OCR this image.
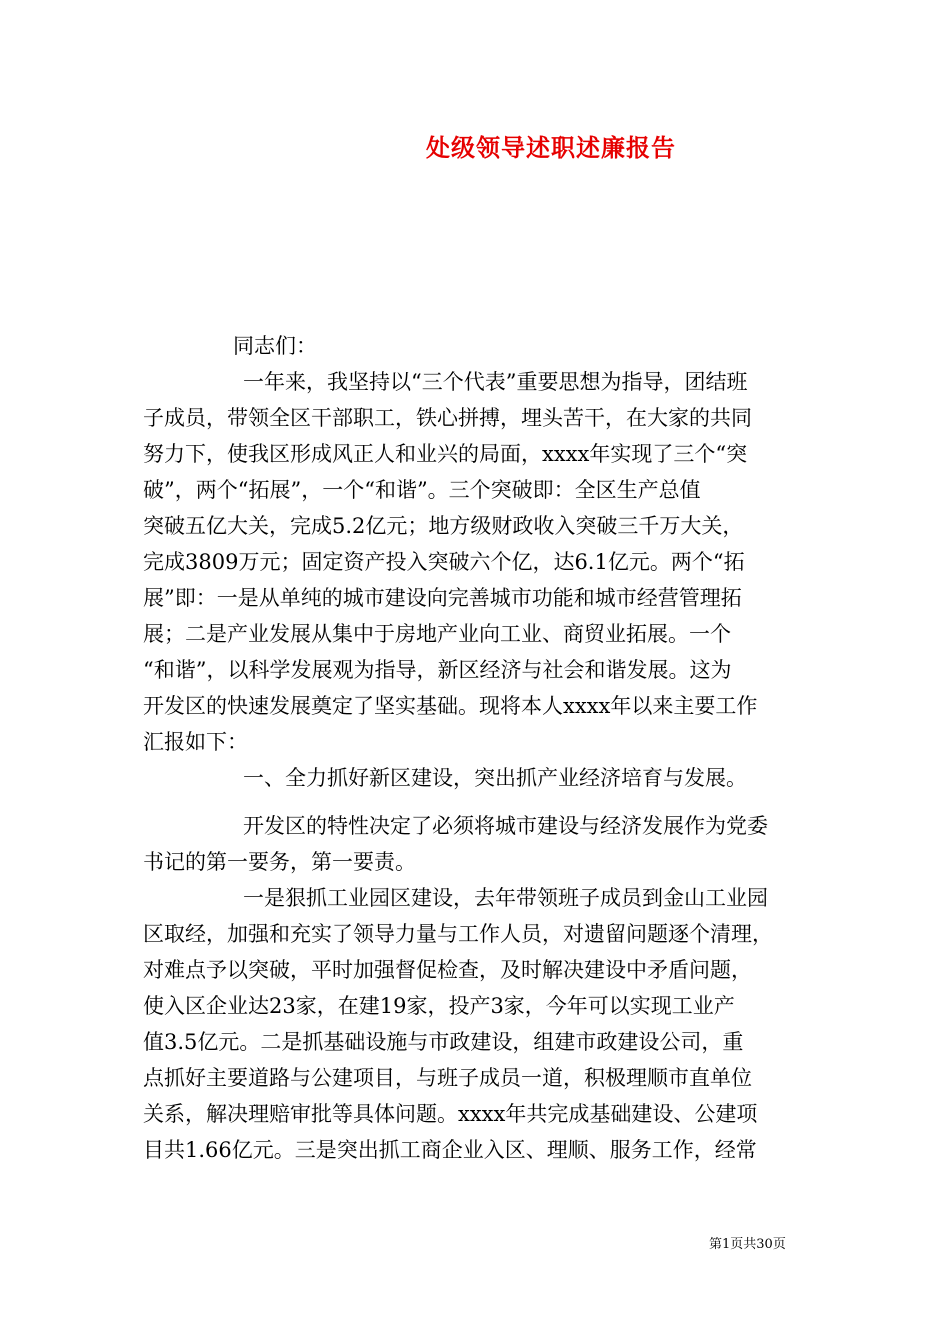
处级领导述职述廉报告
同志们：
一年来，我坚持以“三个代表”重要思想为指导，团结班
子成员，带领全区干部职工，铁心拼搏，埋头苦干，在大家的共同
努力下，使我区形成风正人和业兴的局面，xxxx年实现了三个“突
破”，两个“拓展”，一个“和谐”。三个突破即：全区生产总值
突破五亿大关，完成5.2亿元；地方级财政收入突破三千万大关，
完成3809万元；固定资产投入突破六个亿，达6.1亿元。两个“拓
展”即：一是从单纯的城市建设向完善城市功能和城市经营管理拓
展；二是产业发展从集中于房地产业向工业、商贸业拓展。一个
“和谐”，以科学发展观为指导，新区经济与社会和谐发展。这为
开发区的快速发展奠定了坚实基础。现将本人xxxx年以来主要工作
汇报如下：
一、全力抓好新区建设，突出抓产业经济培育与发展。
开发区的特性决定了必须将城市建设与经济发展作为党委
书记的第一要务，第一要责。
一是狠抓工业园区建设，去年带领班子成员到金山工业园
区取经，加强和充实了领导力量与工作人员，对遗留问题逐个清理，
对难点予以突破，平时加强督促检查，及时解决建设中矛盾问题，
使入区企业达23家，在建19家，投产3家，今年可以实现工业产
值3.5亿元。二是抓基础设施与市政建设，组建市政建设公司，重
点抓好主要道路与公建项目，与班子成员一道，积极理顺市直单位
关系，解决理赔审批等具体问题。xxxx年共完成基础建设、公建项
目共1.66亿元。三是突出抓工商企业入区、理顺、服务工作，经常
第1页共30页
